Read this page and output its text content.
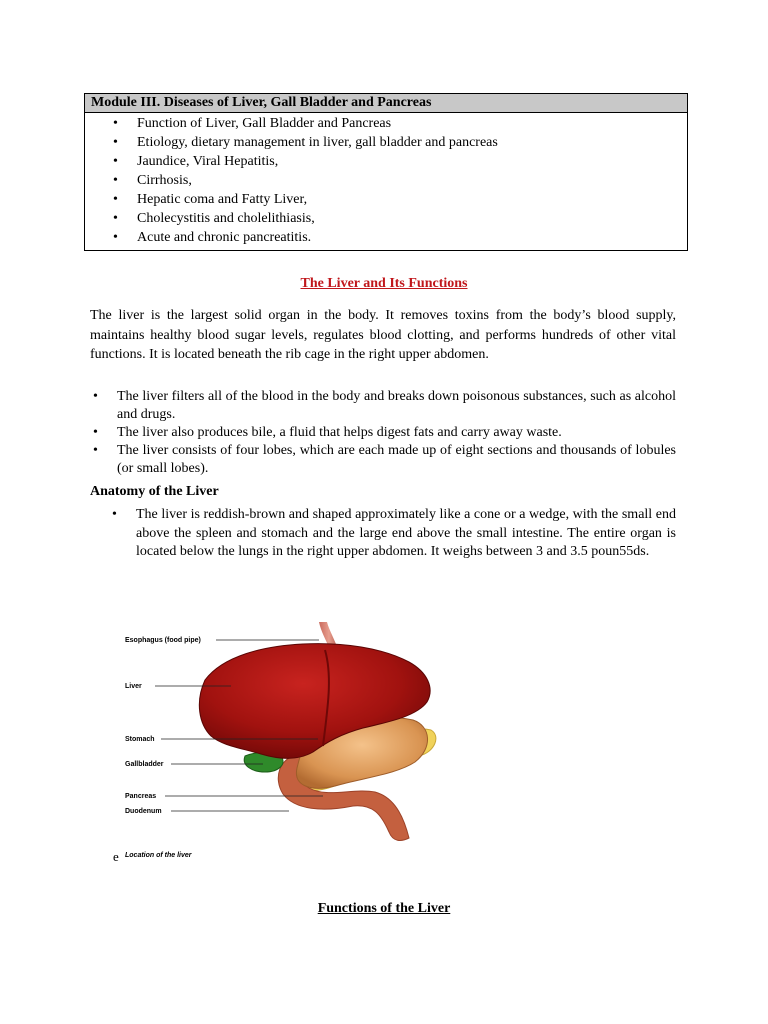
Module III. Diseases of Liver, Gall Bladder and Pancreas
• Function of Liver, Gall Bladder and Pancreas
• Etiology, dietary management in liver, gall bladder and pancreas
• Jaundice, Viral Hepatitis,
• Cirrhosis,
• Hepatic coma and Fatty Liver,
• Cholecystitis and cholelithiasis,
• Acute and chronic pancreatitis.
The Liver and Its Functions

The liver is the largest solid organ in the body. It removes toxins from the body’s blood supply, maintains healthy blood sugar levels, regulates blood clotting, and performs hundreds of other vital functions. It is located beneath the rib cage in the right upper abdomen.

• The liver filters all of the blood in the body and breaks down poisonous substances, such as alcohol and drugs.
• The liver also produces bile, a fluid that helps digest fats and carry away waste.
• The liver consists of four lobes, which are each made up of eight sections and thousands of lobules (or small lobes).

Anatomy of the Liver

• The liver is reddish-brown and shaped approximately like a cone or a wedge, with the small end above the spleen and stomach and the large end above the small intestine. The entire organ is located below the lungs in the right upper abdomen. It weighs between 3 and 3.5 poun55ds.
Esophagus (food pipe)
Liver
Stomach
Gallbladder
Pancreas
Duodenum
e Location of the liver
Functions of the Liver
